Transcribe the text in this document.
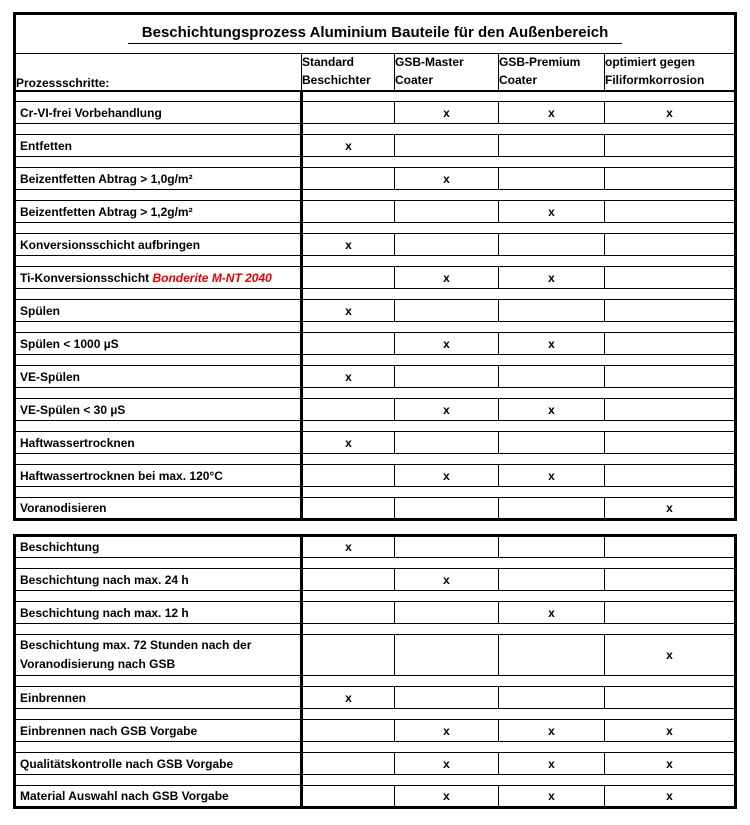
Beschichtungsprozess Aluminium Bauteile für den Außenbereich				
Prozessschritte:	
Standard
Beschichter

GSB-Master
Coater

GSB-Premium
Coater

optimiert gegen
Filiformkorrosion

Cr-VI-frei Vorbehandlung		x	x	x

Entfetten	x			

Beizentfetten Abtrag > 1,0g/m²		x		

Beizentfetten Abtrag > 1,2g/m²			x	

Konversionsschicht aufbringen	x			

Ti-Konversionsschicht Bonderite M-NT 2040		x	x	

Spülen	x			

Spülen < 1000 µS		x	x	

VE-Spülen	x			

VE-Spülen < 30 µS		x	x	

Haftwassertrocknen	x			

Haftwassertrocknen bei max. 120°C		x	x	

Voranodisieren				x
Beschichtung	x			

Beschichtung nach max. 24 h		x		

Beschichtung nach max. 12 h			x	

Beschichtung max. 72 Stunden nach der
Voranodisierung nach GSB				x

Einbrennen	x			

Einbrennen nach GSB Vorgabe		x	x	x

Qualitätskontrolle nach GSB Vorgabe		x	x	x

Material Auswahl nach GSB Vorgabe		x	x	x
